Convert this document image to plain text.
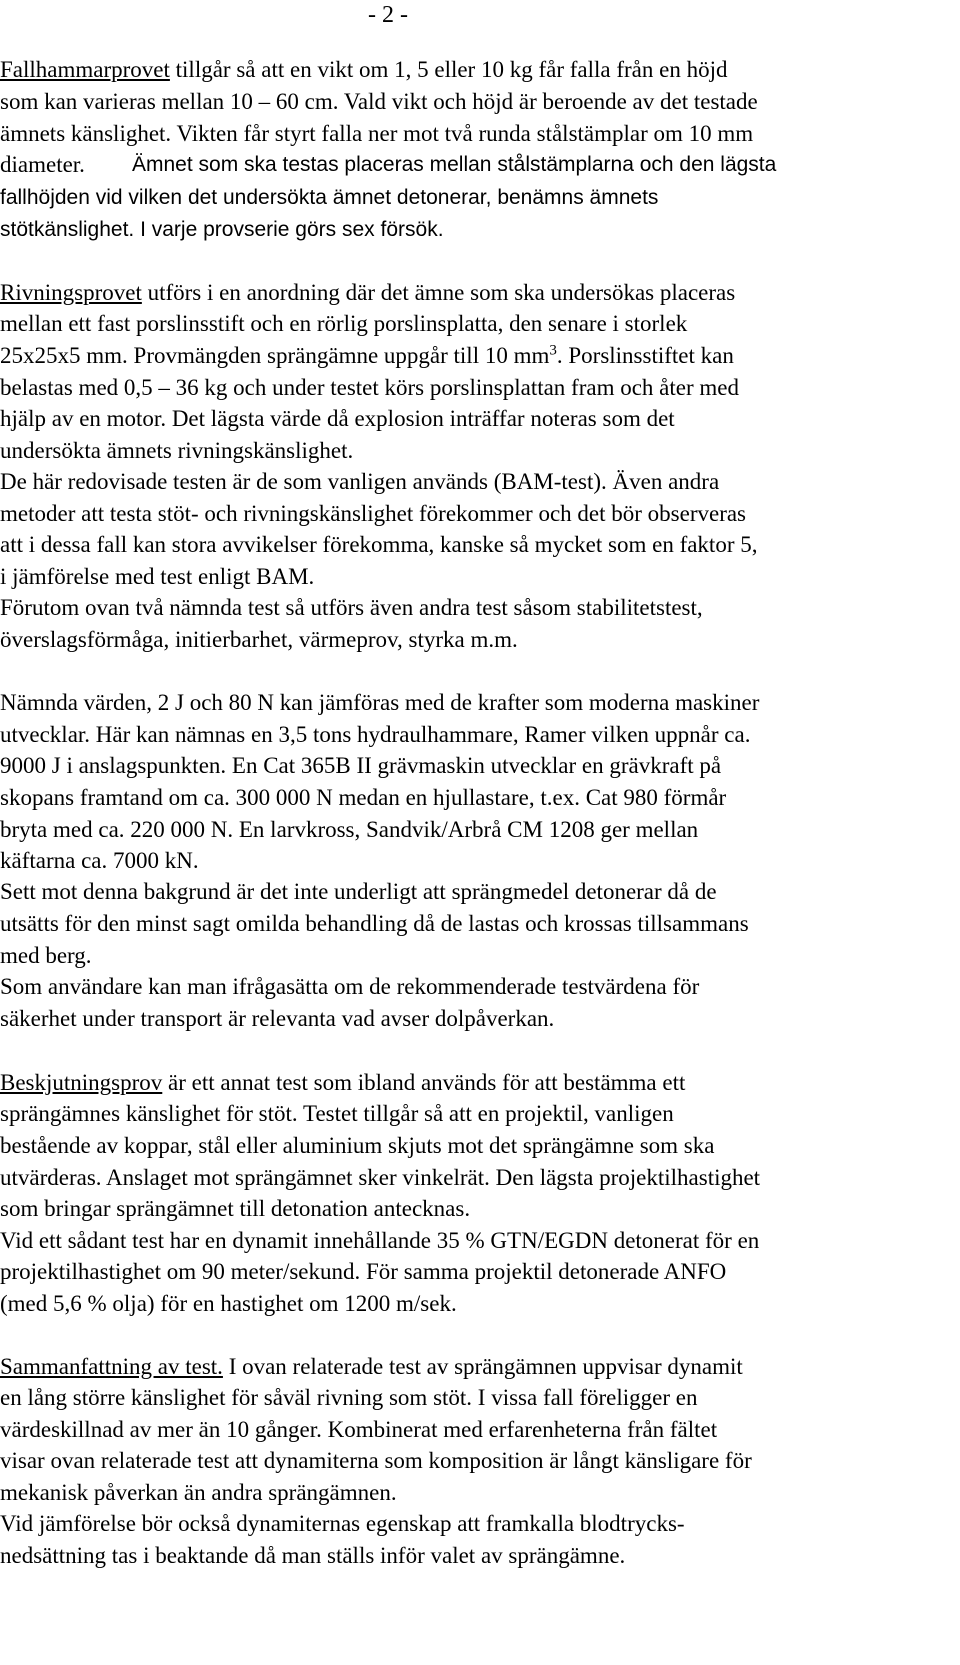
- 2 -
Fallhammarprovet tillgår så att en vikt om 1, 5 eller 10 kg får falla från en höjd
som kan varieras mellan 10 – 60 cm. Vald vikt och höjd är beroende av det testade
ämnets känslighet. Vikten får styrt falla ner mot två runda stålstämplar om 10 mm
diameter. Ämnet som ska testas placeras mellan stålstämplarna och den lägsta
fallhöjden vid vilken det undersökta ämnet detonerar, benämns ämnets
stötkänslighet. I varje provserie görs sex försök.
Rivningsprovet utförs i en anordning där det ämne som ska undersökas placeras
mellan ett fast porslinsstift och en rörlig porslinsplatta, den senare i storlek
25x25x5 mm. Provmängden sprängämne uppgår till 10 $mm^3$. Porslinsstiftet kan
belastas med 0,5 – 36 kg och under testet körs porslinsplattan fram och åter med
hjälp av en motor. Det lägsta värde då explosion inträffar noteras som det
undersökta ämnets rivningskänslighet.
De här redovisade testen är de som vanligen används (BAM-test). Även andra
metoder att testa stöt- och rivningskänslighet förekommer och det bör observeras
att i dessa fall kan stora avvikelser förekomma, kanske så mycket som en faktor 5,
i jämförelse med test enligt BAM.
Förutom ovan två nämnda test så utförs även andra test såsom stabilitetstest,
överslagsförmåga, initierbarhet, värmeprov, styrka m.m.
Nämnda värden, 2 J och 80 N kan jämföras med de krafter som moderna maskiner
utvecklar. Här kan nämnas en 3,5 tons hydraulhammare, Ramer vilken uppnår ca.
9000 J i anslagspunkten. En Cat 365B II grävmaskin utvecklar en grävkraft på
skopans framtand om ca. 300 000 N medan en hjullastare, t.ex. Cat 980 förmår
bryta med ca. 220 000 N. En larvkross, Sandvik/Arbrå CM 1208 ger mellan
käftarna ca. 7000 kN.
Sett mot denna bakgrund är det inte underligt att sprängmedel detonerar då de
utsätts för den minst sagt omilda behandling då de lastas och krossas tillsammans
med berg.
Som användare kan man ifrågasätta om de rekommenderade testvärdena för
säkerhet under transport är relevanta vad avser dolpåverkan.
Beskjutningsprov är ett annat test som ibland används för att bestämma ett
sprängämnes känslighet för stöt. Testet tillgår så att en projektil, vanligen
bestående av koppar, stål eller aluminium skjuts mot det sprängämne som ska
utvärderas. Anslaget mot sprängämnet sker vinkelrät. Den lägsta projektilhastighet
som bringar sprängämnet till detonation antecknas.
Vid ett sådant test har en dynamit innehållande 35 % GTN/EGDN detonerat för en
projektilhastighet om 90 meter/sekund. För samma projektil detonerade ANFO
(med 5,6 % olja) för en hastighet om 1200 m/sek.
Sammanfattning av test. I ovan relaterade test av sprängämnen uppvisar dynamit
en lång större känslighet för såväl rivning som stöt. I vissa fall föreligger en
värdeskillnad av mer än 10 gånger. Kombinerat med erfarenheterna från fältet
visar ovan relaterade test att dynamiterna som komposition är långt känsligare för
mekanisk påverkan än andra sprängämnen.
Vid jämförelse bör också dynamiternas egenskap att framkalla blodtrycks-
nedsättning tas i beaktande då man ställs inför valet av sprängämne.
